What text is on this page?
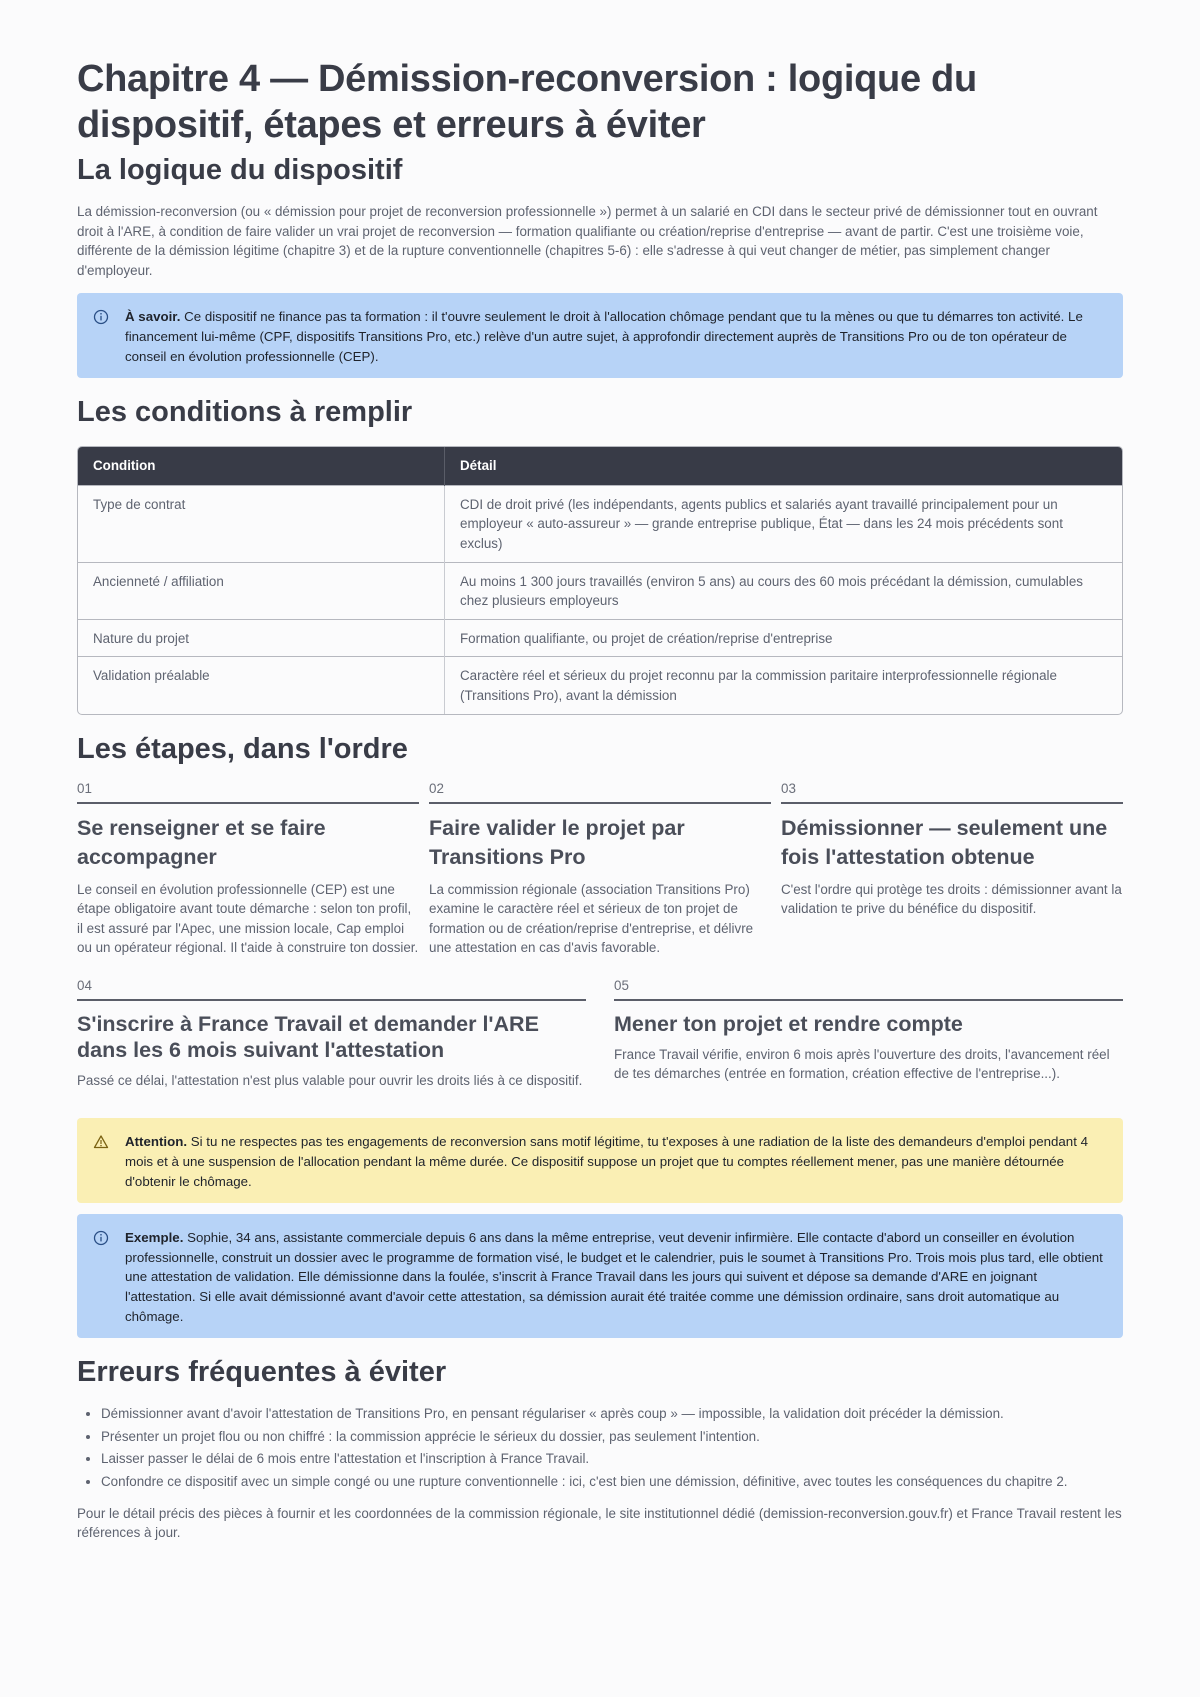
Chapitre 4 — Démission-reconversion : logique du dispositif, étapes et erreurs à éviter
La logique du dispositif

La démission-reconversion (ou « démission pour projet de reconversion professionnelle ») permet à un salarié en CDI dans le secteur privé de démissionner tout en ouvrant droit à l'ARE, à condition de faire valider un vrai projet de reconversion — formation qualifiante ou création/reprise d'entreprise — avant de partir. C'est une troisième voie, différente de la démission légitime (chapitre 3) et de la rupture conventionnelle (chapitres 5-6) : elle s'adresse à qui veut changer de métier, pas simplement changer d'employeur.

À savoir. Ce dispositif ne finance pas ta formation : il t'ouvre seulement le droit à l'allocation chômage pendant que tu la mènes ou que tu démarres ton activité. Le financement lui-même (CPF, dispositifs Transitions Pro, etc.) relève d'un autre sujet, à approfondir directement auprès de Transitions Pro ou de ton opérateur de conseil en évolution professionnelle (CEP).
Les conditions à remplir
Condition	Détail
Type de contrat	CDI de droit privé (les indépendants, agents publics et salariés ayant travaillé principalement pour un employeur « auto-assureur » — grande entreprise publique, État — dans les 24 mois précédents sont exclus)
Ancienneté / affiliation	Au moins 1 300 jours travaillés (environ 5 ans) au cours des 60 mois précédant la démission, cumulables chez plusieurs employeurs
Nature du projet	Formation qualifiante, ou projet de création/reprise d'entreprise
Validation préalable	Caractère réel et sérieux du projet reconnu par la commission paritaire interprofessionnelle régionale (Transitions Pro), avant la démission
Les étapes, dans l'ordre
01
Se renseigner et se faire accompagner

Le conseil en évolution professionnelle (CEP) est une étape obligatoire avant toute démarche : selon ton profil, il est assuré par l'Apec, une mission locale, Cap emploi ou un opérateur régional. Il t'aide à construire ton dossier.

02
Faire valider le projet par Transitions Pro

La commission régionale (association Transitions Pro) examine le caractère réel et sérieux de ton projet de formation ou de création/reprise d'entreprise, et délivre une attestation en cas d'avis favorable.

03
Démissionner — seulement une fois l'attestation obtenue

C'est l'ordre qui protège tes droits : démissionner avant la validation te prive du bénéfice du dispositif.

04
S'inscrire à France Travail et demander l'ARE dans les 6 mois suivant l'attestation

Passé ce délai, l'attestation n'est plus valable pour ouvrir les droits liés à ce dispositif.

05
Mener ton projet et rendre compte

France Travail vérifie, environ 6 mois après l'ouverture des droits, l'avancement réel de tes démarches (entrée en formation, création effective de l'entreprise...).

Attention. Si tu ne respectes pas tes engagements de reconversion sans motif légitime, tu t'exposes à une radiation de la liste des demandeurs d'emploi pendant 4 mois et à une suspension de l'allocation pendant la même durée. Ce dispositif suppose un projet que tu comptes réellement mener, pas une manière détournée d'obtenir le chômage.
Exemple. Sophie, 34 ans, assistante commerciale depuis 6 ans dans la même entreprise, veut devenir infirmière. Elle contacte d'abord un conseiller en évolution professionnelle, construit un dossier avec le programme de formation visé, le budget et le calendrier, puis le soumet à Transitions Pro. Trois mois plus tard, elle obtient une attestation de validation. Elle démissionne dans la foulée, s'inscrit à France Travail dans les jours qui suivent et dépose sa demande d'ARE en joignant l'attestation. Si elle avait démissionné avant d'avoir cette attestation, sa démission aurait été traitée comme une démission ordinaire, sans droit automatique au chômage.
Erreurs fréquentes à éviter
• Démissionner avant d'avoir l'attestation de Transitions Pro, en pensant régulariser « après coup » — impossible, la validation doit précéder la démission.
• Présenter un projet flou ou non chiffré : la commission apprécie le sérieux du dossier, pas seulement l'intention.
• Laisser passer le délai de 6 mois entre l'attestation et l'inscription à France Travail.
• Confondre ce dispositif avec un simple congé ou une rupture conventionnelle : ici, c'est bien une démission, définitive, avec toutes les conséquences du chapitre 2.

Pour le détail précis des pièces à fournir et les coordonnées de la commission régionale, le site institutionnel dédié (demission-reconversion.gouv.fr) et France Travail restent les références à jour.
